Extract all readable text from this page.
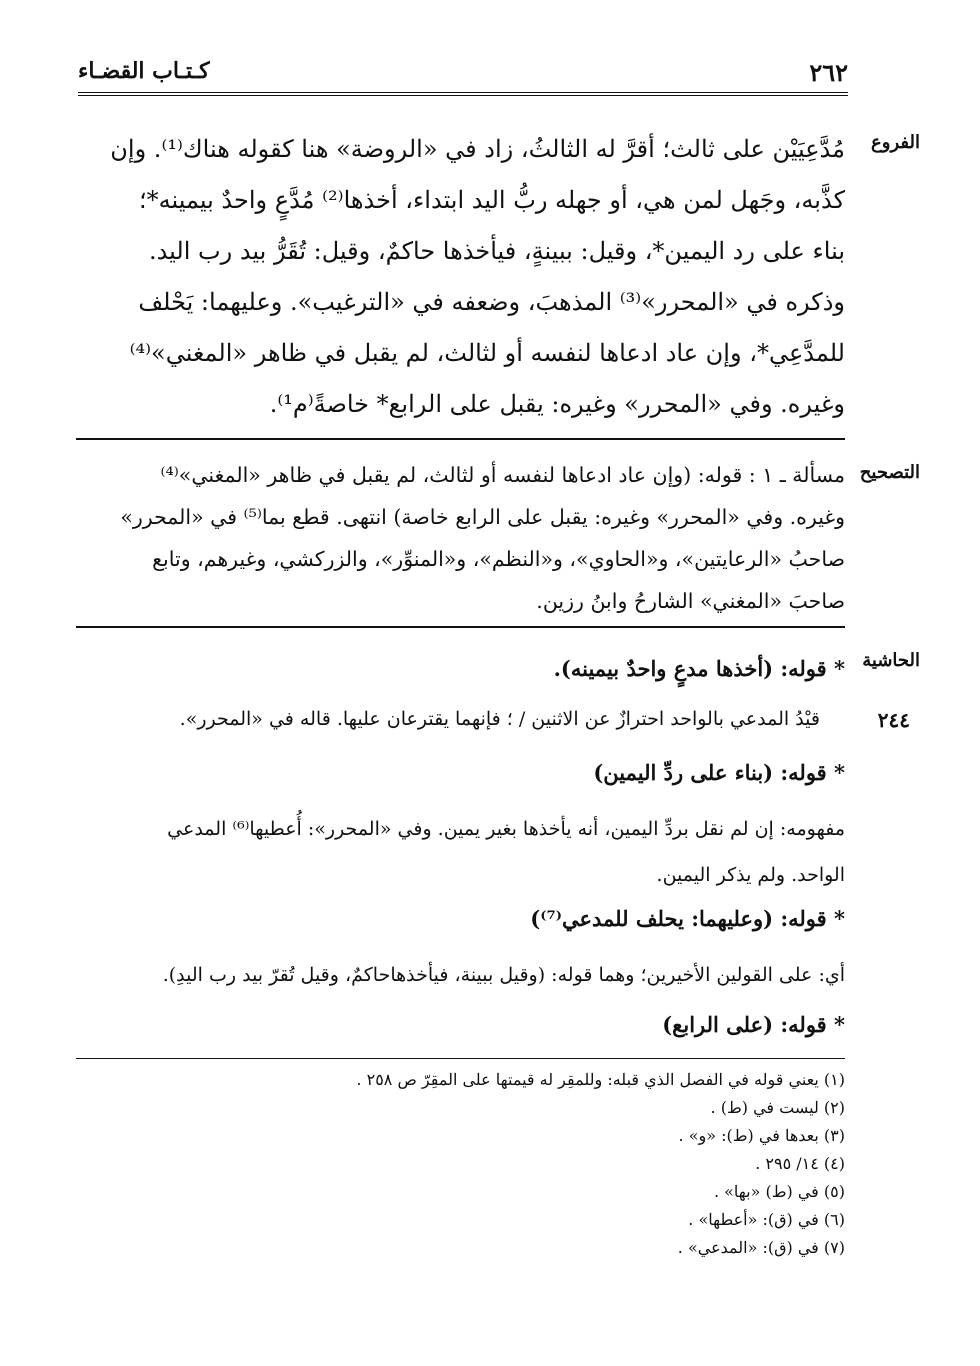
كـتـاب القضـاء	٢٦٢
الفروع
مُدَّعِيَيْن على ثالث؛ أقرَّ له الثالثُ، زاد في «الروضة» هنا كقوله هناك⁽¹⁾. وإن
كذَّبه، وجَهل لمن هي، أو جهله ربُّ اليد ابتداء، أخذها⁽²⁾ مُدَّعٍ واحدٌ بيمينه*؛
بناء على رد اليمين*، وقيل: ببينةٍ، فيأخذها حاكمٌ، وقيل: تُقَرُّ بيد رب اليد.
وذكره في «المحرر»⁽³⁾ المذهبَ، وضعفه في «الترغيب». وعليهما: يَحْلف
للمدَّعِي*، وإن عاد ادعاها لنفسه أو لثالث، لم يقبل في ظاهر «المغني»⁽⁴⁾
وغيره. وفي «المحرر» وغيره: يقبل على الرابع* خاصةً⁽م¹⁾.
التصحيح
مسألة ـ ١ : قوله: (وإن عاد ادعاها لنفسه أو لثالث، لم يقبل في ظاهر «المغني»⁽⁴⁾
وغيره. وفي «المحرر» وغيره: يقبل على الرابع خاصة) انتهى. قطع بما⁽⁵⁾ في «المحرر»
صاحبُ «الرعايتين»، و«الحاوي»، و«النظم»، و«المنوِّر»، والزركشي، وغيرهم، وتابع
صاحبَ «المغني» الشارحُ وابنُ رزين.
الحاشية
* قوله: (أخذها مدعٍ واحدٌ بيمينه).
٢٤٤
قيْدُ المدعي بالواحد احترازٌ عن الاثنين / ؛ فإنهما يقترعان عليها. قاله في «المحرر».
* قوله: (بناء على ردِّ اليمين)
مفهومه: إن لم نقل بردِّ اليمين، أنه يأخذها بغير يمين. وفي «المحرر»: أُعطيها⁽⁶⁾ المدعي
الواحد. ولم يذكر اليمين.
* قوله: (وعليهما: يحلف للمدعي⁽⁷⁾)
أي: على القولين الأخيرين؛ وهما قوله: (وقيل ببينة، فيأخذهاحاكمٌ، وقيل تُقرّ بيد رب اليدِ).
* قوله: (على الرابع)
(١) يعني قوله في الفصل الذي قبله: وللمقِر له قيمتها على المقِرّ ص ٢٥٨ .
(٢) ليست في (ط) .
(٣) بعدها في (ط): «و» .
(٤) ١٤/ ٢٩٥ .
(٥) في (ط) «بها» .
(٦) في (ق): «أعطها» .
(٧) في (ق): «المدعي» .
